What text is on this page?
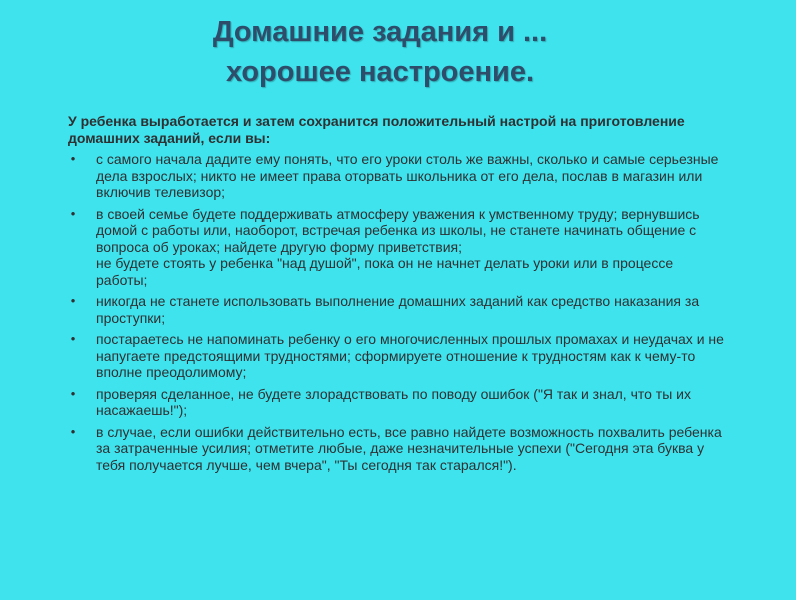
Домашние задания и ...
хорошее настроение.

У ребенка выработается и затем сохранится положительный настрой на приготовление домашних заданий, если вы:

• с самого начала дадите ему понять, что его уроки столь же важны, сколько и самые серьезные дела взрослых; никто не имеет права оторвать школьника от его дела, послав в магазин или включив телевизор;
• в своей семье будете поддерживать атмосферу уважения к умственному труду; вернувшись домой с работы или, наоборот, встречая ребенка из школы, не станете начинать общение с вопроса об уроках; найдете другую форму приветствия;
не будете стоять у ребенка "над душой", пока он не начнет делать уроки или в процессе работы;
• никогда не станете использовать выполнение домашних заданий как средство наказания за проступки;
• постараетесь не напоминать ребенку о его многочисленных прошлых промахах и неудачах и не напугаете предстоящими трудностями; сформируете отношение к трудностям как к чему-то вполне преодолимому;
• проверяя сделанное, не будете злорадствовать по поводу ошибок ("Я так и знал, что ты их насажаешь!");
• в случае, если ошибки действительно есть, все равно найдете возможность похвалить ребенка за затраченные усилия; отметите любые, даже незначительные успехи ("Сегодня эта буква у тебя получается лучше, чем вчера", "Ты сегодня так старался!").
